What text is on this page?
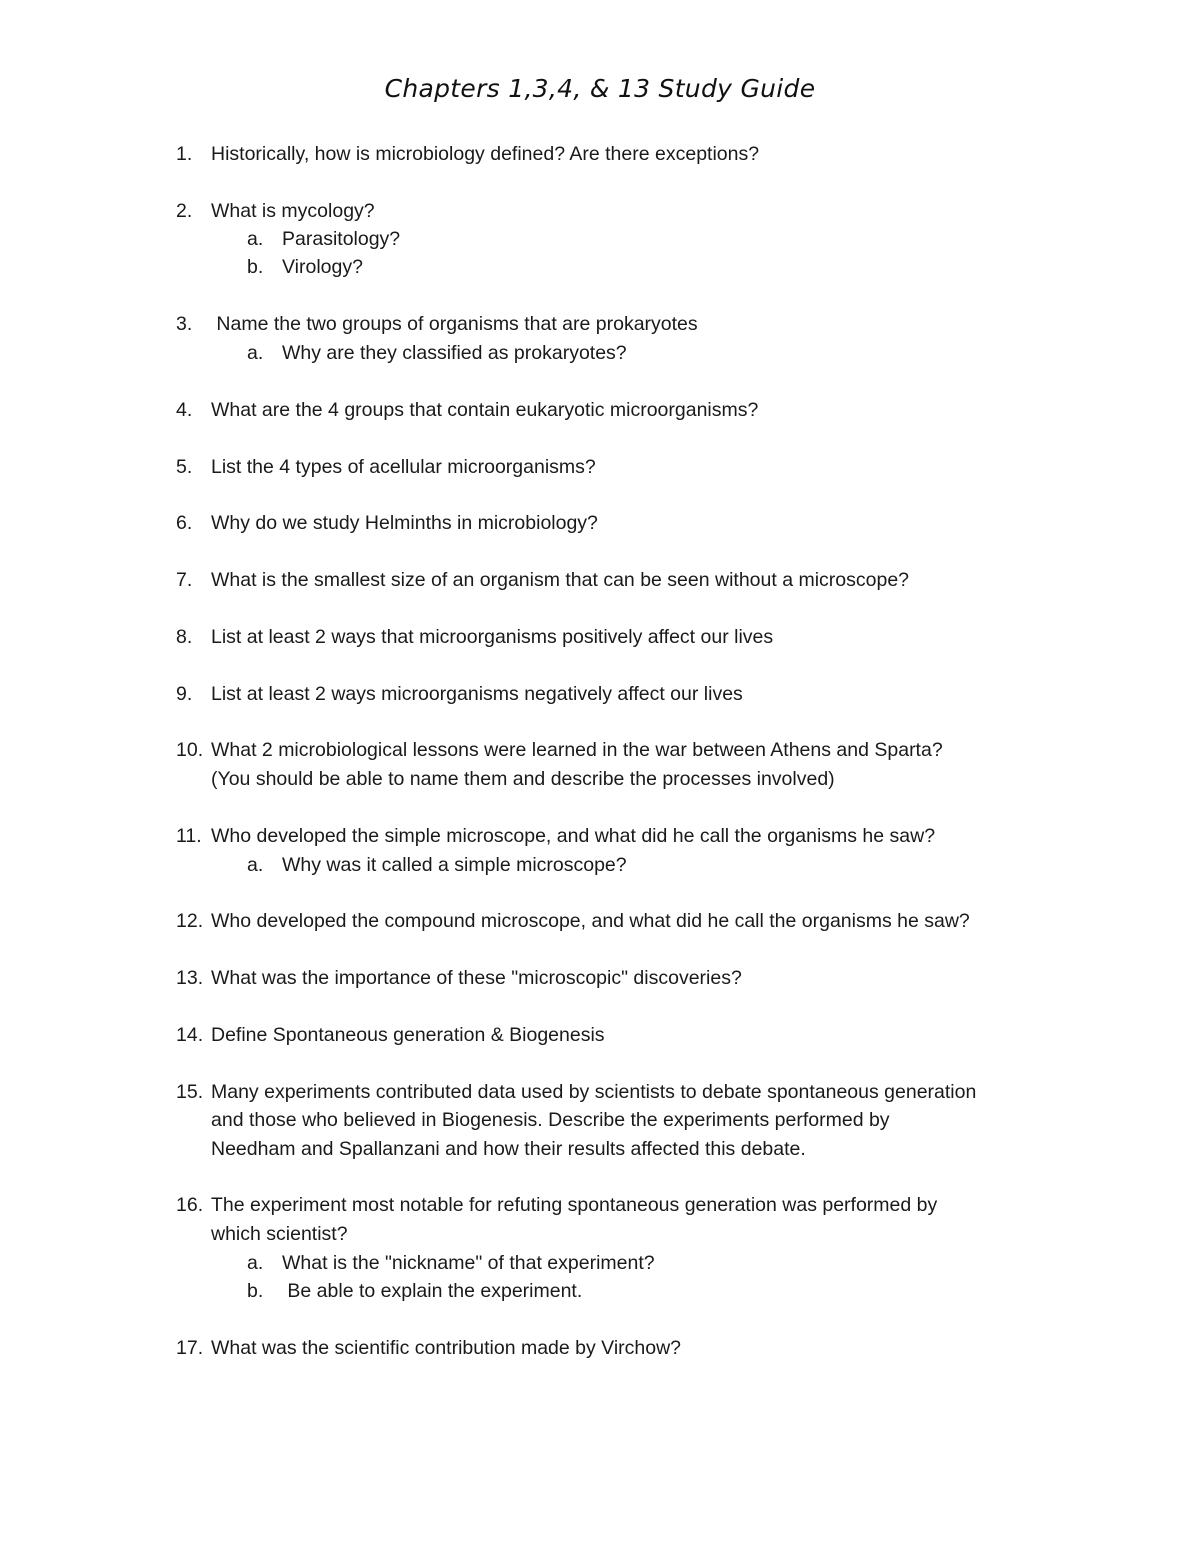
Chapters 1,3,4, & 13 Study Guide
1. Historically, how is microbiology defined? Are there exceptions?
2. What is mycology?
a. Parasitology?
b. Virology?
3. Name the two groups of organisms that are prokaryotes
a. Why are they classified as prokaryotes?
4. What are the 4 groups that contain eukaryotic microorganisms?
5. List the 4 types of acellular microorganisms?
6. Why do we study Helminths in microbiology?
7. What is the smallest size of an organism that can be seen without a microscope?
8. List at least 2 ways that microorganisms positively affect our lives
9. List at least 2 ways microorganisms negatively affect our lives
10. What 2 microbiological lessons were learned in the war between Athens and Sparta?
(You should be able to name them and describe the processes involved)
11. Who developed the simple microscope, and what did he call the organisms he saw?
a. Why was it called a simple microscope?
12. Who developed the compound microscope, and what did he call the organisms he saw?
13. What was the importance of these "microscopic" discoveries?
14. Define Spontaneous generation & Biogenesis
15. Many experiments contributed data used by scientists to debate spontaneous generation
and those who believed in Biogenesis. Describe the experiments performed by
Needham and Spallanzani and how their results affected this debate.
16. The experiment most notable for refuting spontaneous generation was performed by
which scientist?
a. What is the "nickname" of that experiment?
b. Be able to explain the experiment.
17. What was the scientific contribution made by Virchow?
